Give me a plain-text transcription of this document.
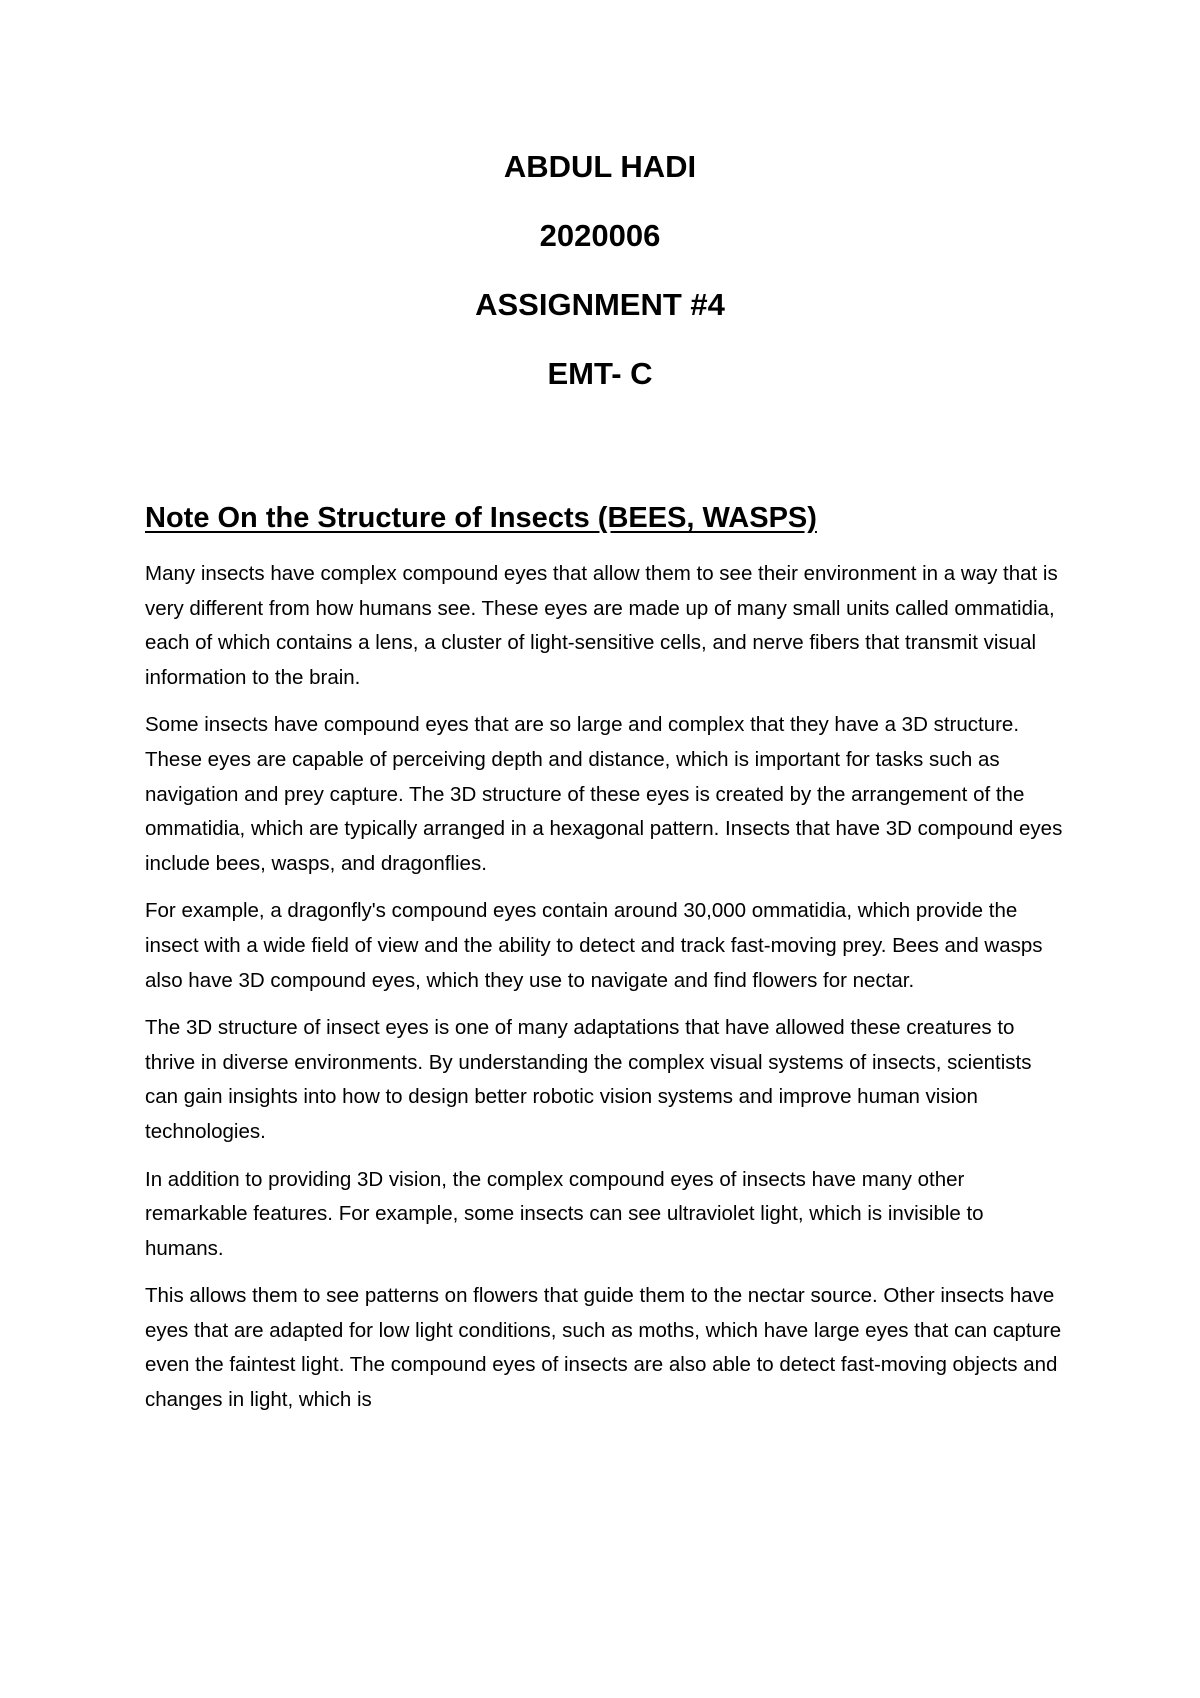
ABDUL HADI
2020006
ASSIGNMENT #4
EMT- C
Note On the Structure of Insects (BEES, WASPS)

Many insects have complex compound eyes that allow them to see their environment in a way that is very different from how humans see. These eyes are made up of many small units called ommatidia, each of which contains a lens, a cluster of light-sensitive cells, and nerve fibers that transmit visual information to the brain.

Some insects have compound eyes that are so large and complex that they have a 3D structure. These eyes are capable of perceiving depth and distance, which is important for tasks such as navigation and prey capture. The 3D structure of these eyes is created by the arrangement of the ommatidia, which are typically arranged in a hexagonal pattern. Insects that have 3D compound eyes include bees, wasps, and dragonflies.

For example, a dragonfly's compound eyes contain around 30,000 ommatidia, which provide the insect with a wide field of view and the ability to detect and track fast-moving prey. Bees and wasps also have 3D compound eyes, which they use to navigate and find flowers for nectar.

The 3D structure of insect eyes is one of many adaptations that have allowed these creatures to thrive in diverse environments. By understanding the complex visual systems of insects, scientists can gain insights into how to design better robotic vision systems and improve human vision technologies.

In addition to providing 3D vision, the complex compound eyes of insects have many other remarkable features. For example, some insects can see ultraviolet light, which is invisible to humans.

This allows them to see patterns on flowers that guide them to the nectar source. Other insects have eyes that are adapted for low light conditions, such as moths, which have large eyes that can capture even the faintest light. The compound eyes of insects are also able to detect fast-moving objects and changes in light, which is
